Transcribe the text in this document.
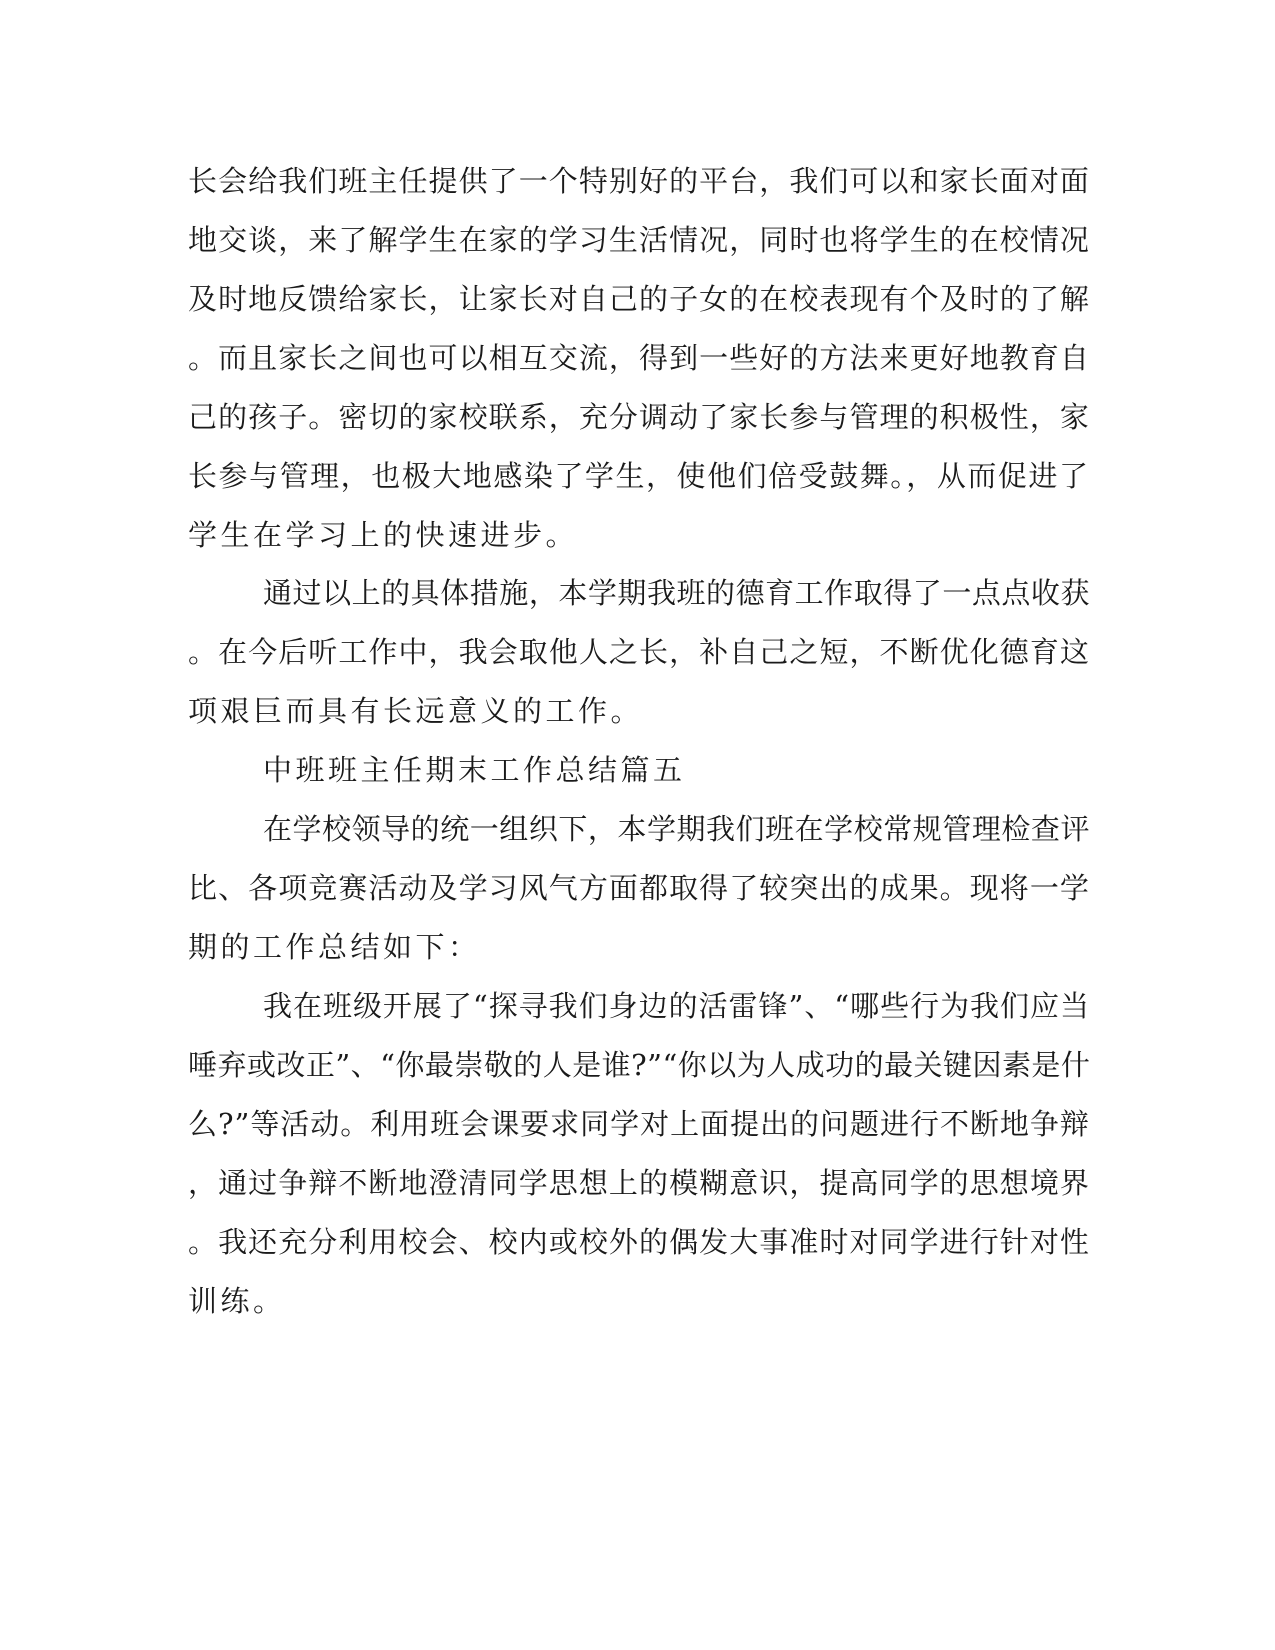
长会给我们班主任提供了一个特别好的平台，我们可以和家长面对面
地交谈，来了解学生在家的学习生活情况，同时也将学生的在校情况
及时地反馈给家长，让家长对自己的子女的在校表现有个及时的了解
。而且家长之间也可以相互交流，得到一些好的方法来更好地教育自
己的孩子。密切的家校联系，充分调动了家长参与管理的积极性，家
长参与管理，也极大地感染了学生，使他们倍受鼓舞。，从而促进了
学生在学习上的快速进步。
通过以上的具体措施，本学期我班的德育工作取得了一点点收获
。在今后听工作中，我会取他人之长，补自己之短，不断优化德育这
项艰巨而具有长远意义的工作。
中班班主任期末工作总结篇五
在学校领导的统一组织下，本学期我们班在学校常规管理检查评
比、各项竞赛活动及学习风气方面都取得了较突出的成果。现将一学
期的工作总结如下：
我在班级开展了“探寻我们身边的活雷锋”、“哪些行为我们应当
唾弃或改正”、“你最崇敬的人是谁?”“你以为人成功的最关键因素是什
么?”等活动。利用班会课要求同学对上面提出的问题进行不断地争辩
，通过争辩不断地澄清同学思想上的模糊意识，提高同学的思想境界
。我还充分利用校会、校内或校外的偶发大事准时对同学进行针对性
训练。
